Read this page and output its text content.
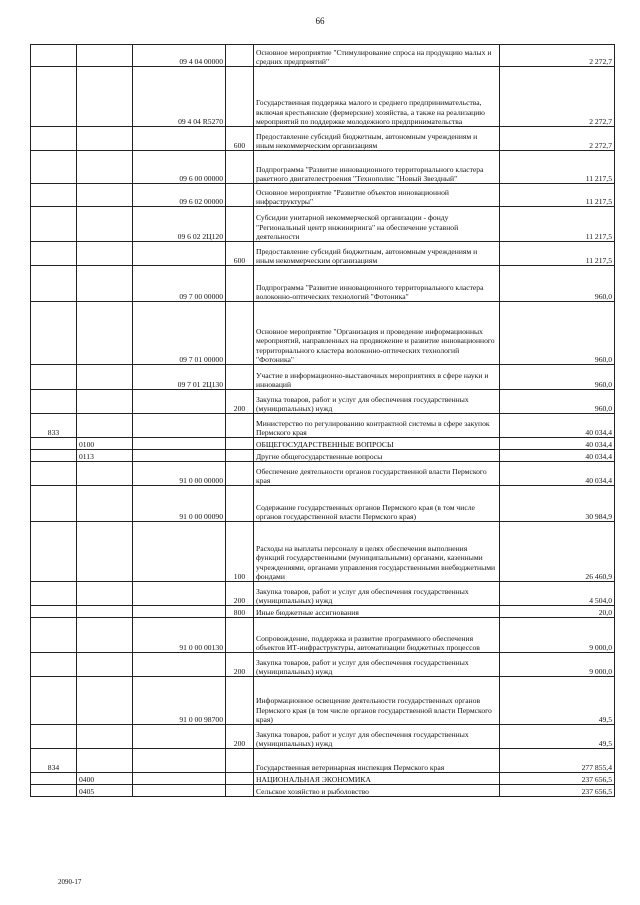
66
		09 4 04 00000		Основное мероприятие "Стимулирование спроса на продукцию малых и средних предприятий"	2 272,7
		09 4 04 R5270		Государственная поддержка малого и среднего предпринимательства, включая крестьянские (фермерские) хозяйства, а также на реализацию мероприятий по поддержке молодежного предпринимательства	2 272,7
			600	Предоставление субсидий бюджетным, автономным учреждениям и иным некоммерческим организациям	2 272,7
		09 6 00 00000		Подпрограмма "Развитие инновационного территориального кластера ракетного двигателестроения "Технополис "Новый Звездный"	11 217,5
		09 6 02 00000		Основное мероприятие "Развитие объектов инновационной инфраструктуры"	11 217,5
		09 6 02 2Ц120		Субсидии унитарной некоммерческой организации - фонду "Региональный центр инжиниринга" на обеспечение уставной деятельности	11 217,5
			600	Предоставление субсидий бюджетным, автономным учреждениям и иным некоммерческим организациям	11 217,5
		09 7 00 00000		Подпрограмма "Развитие инновационного территориального кластера волоконно-оптических технологий "Фотоника"	960,0
		09 7 01 00000		Основное мероприятие "Организация и проведение информационных мероприятий, направленных на продвижение и развитие инновационного территориального кластера волоконно-оптических технологий "Фотоника"	960,0
		09 7 01 2Ц130		Участие в информационно-выставочных мероприятиях в сфере науки и инноваций	960,0
			200	Закупка товаров, работ и услуг для обеспечения государственных (муниципальных) нужд	960,0
833				Министерство по регулированию контрактной системы в сфере закупок Пермского края	40 034,4
	0100			ОБЩЕГОСУДАРСТВЕННЫЕ ВОПРОСЫ	40 034,4
	0113			Другие общегосударственные вопросы	40 034,4
		91 0 00 00000		Обеспечение деятельности органов государственной власти Пермского края	40 034,4
		91 0 00 00090		Содержание государственных органов Пермского края (в том числе органов государственной власти Пермского края)	30 984,9
			100	Расходы на выплаты персоналу в целях обеспечения выполнения функций государственными (муниципальными) органами, казенными учреждениями, органами управления государственными внебюджетными фондами	26 460,9
			200	Закупка товаров, работ и услуг для обеспечения государственных (муниципальных) нужд	4 504,0
			800	Иные бюджетные ассигнования	20,0
		91 0 00 00130		Сопровождение, поддержка и развитие программного обеспечения объектов ИТ-инфраструктуры, автоматизации бюджетных процессов	9 000,0
			200	Закупка товаров, работ и услуг для обеспечения государственных (муниципальных) нужд	9 000,0
		91 0 00 98700		Информационное освещение деятельности государственных органов Пермского края (в том числе органов государственной власти Пермского края)	49,5
			200	Закупка товаров, работ и услуг для обеспечения государственных (муниципальных) нужд	49,5
834				Государственная ветеринарная инспекция Пермского края	277 855,4
	0400			НАЦИОНАЛЬНАЯ ЭКОНОМИКА	237 656,5
	0405			Сельское хозяйство и рыболовство	237 656,5
2090-17
